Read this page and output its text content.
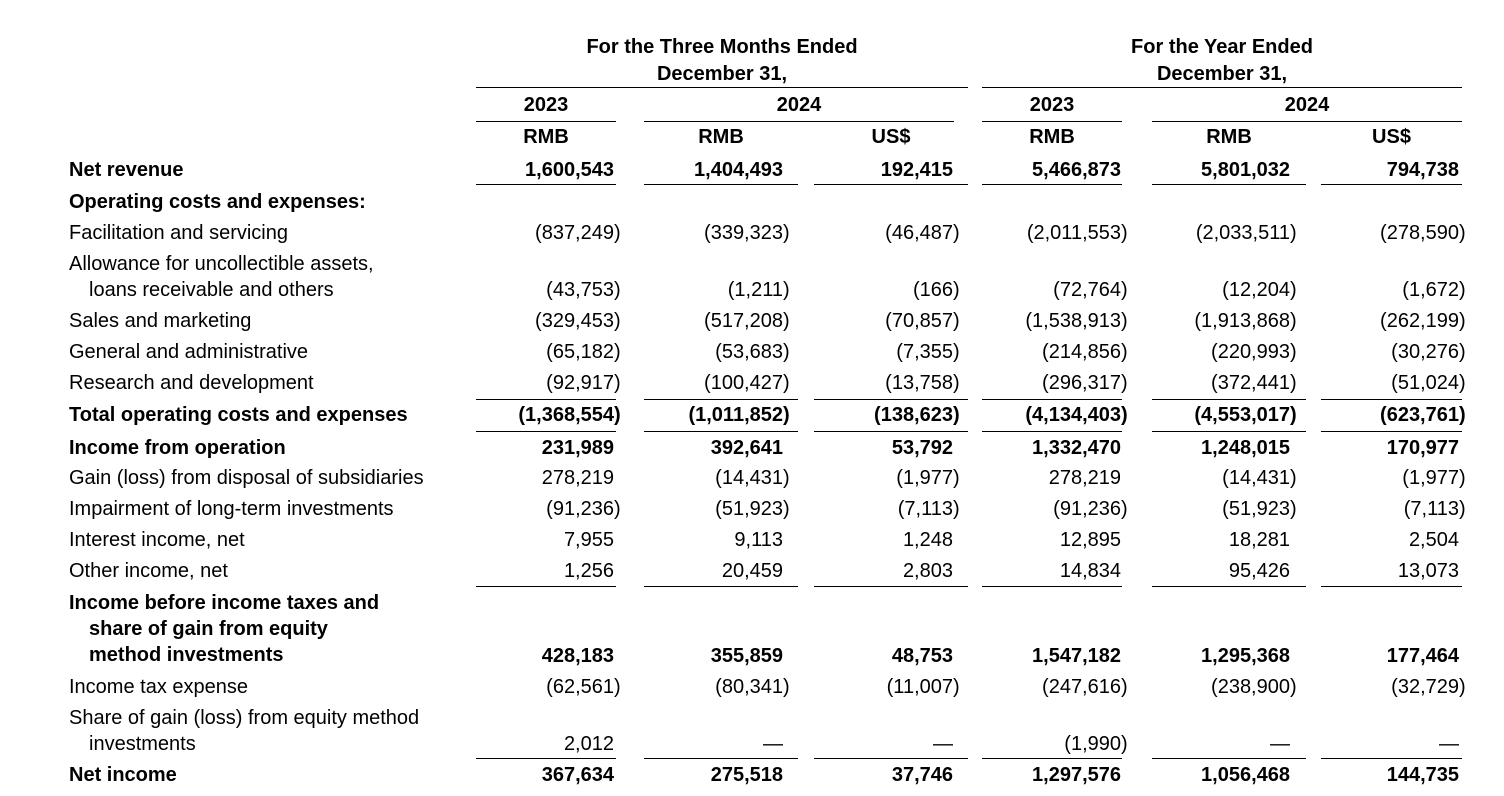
For the Three Months Ended
December 31,
For the Year Ended
December 31,
2023	2024	2023	2024
RMB	RMB	US$	RMB	RMB	US$
Net revenue	1,600,543	1,404,493	192,415	5,466,873	5,801,032	794,738
Operating costs and expenses:
Facilitation and servicing	(837,249)	(339,323)	(46,487)	(2,011,553)	(2,033,511)	(278,590)
Allowance for uncollectible assets,
loans receivable and others	(43,753)	(1,211)	(166)	(72,764)	(12,204)	(1,672)
Sales and marketing	(329,453)	(517,208)	(70,857)	(1,538,913)	(1,913,868)	(262,199)
General and administrative	(65,182)	(53,683)	(7,355)	(214,856)	(220,993)	(30,276)
Research and development	(92,917)	(100,427)	(13,758)	(296,317)	(372,441)	(51,024)
Total operating costs and expenses	(1,368,554)	(1,011,852)	(138,623)	(4,134,403)	(4,553,017)	(623,761)
Income from operation	231,989	392,641	53,792	1,332,470	1,248,015	170,977
Gain (loss) from disposal of subsidiaries	278,219	(14,431)	(1,977)	278,219	(14,431)	(1,977)
Impairment of long-term investments	(91,236)	(51,923)	(7,113)	(91,236)	(51,923)	(7,113)
Interest income, net	7,955	9,113	1,248	12,895	18,281	2,504
Other income, net	1,256	20,459	2,803	14,834	95,426	13,073
Income before income taxes and
share of gain from equity
method investments	428,183	355,859	48,753	1,547,182	1,295,368	177,464
Income tax expense	(62,561)	(80,341)	(11,007)	(247,616)	(238,900)	(32,729)
Share of gain (loss) from equity method
investments	2,012	—	—	(1,990)	—	—
Net income	367,634	275,518	37,746	1,297,576	1,056,468	144,735
